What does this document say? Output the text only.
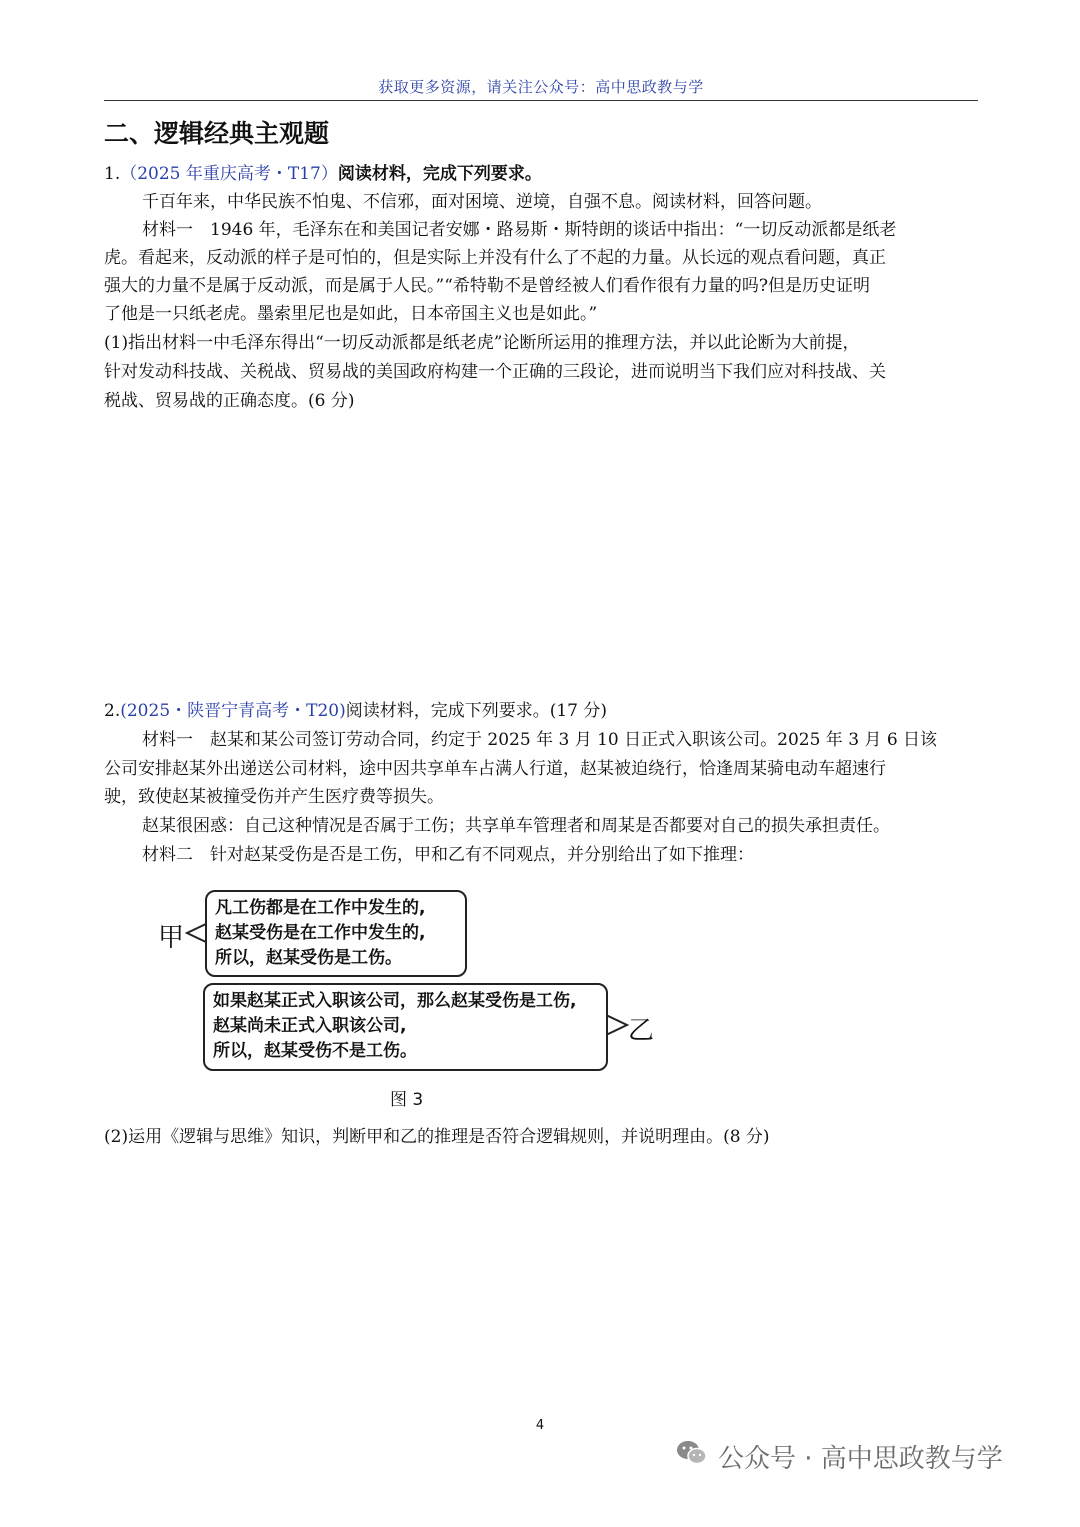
获取更多资源，请关注公众号：高中思政教与学
二、逻辑经典主观题
1.（2025 年重庆高考・T17）阅读材料，完成下列要求。
千百年来，中华民族不怕鬼、不信邪，面对困境、逆境，自强不息。阅读材料，回答问题。
材料一　1946 年，毛泽东在和美国记者安娜・路易斯・斯特朗的谈话中指出：“一切反动派都是纸老
虎。看起来，反动派的样子是可怕的，但是实际上并没有什么了不起的力量。从长远的观点看问题，真正
强大的力量不是属于反动派，而是属于人民。”“希特勒不是曾经被人们看作很有力量的吗?但是历史证明
了他是一只纸老虎。墨索里尼也是如此，日本帝国主义也是如此。”
(1)指出材料一中毛泽东得出“一切反动派都是纸老虎”论断所运用的推理方法，并以此论断为大前提，
针对发动科技战、关税战、贸易战的美国政府构建一个正确的三段论，进而说明当下我们应对科技战、关
税战、贸易战的正确态度。(6 分)
2.(2025・陕晋宁青高考・T20)阅读材料，完成下列要求。(17 分)
材料一　赵某和某公司签订劳动合同，约定于 2025 年 3 月 10 日正式入职该公司。2025 年 3 月 6 日该
公司安排赵某外出递送公司材料，途中因共享单车占满人行道，赵某被迫绕行，恰逢周某骑电动车超速行
驶，致使赵某被撞受伤并产生医疗费等损失。
赵某很困惑：自己这种情况是否属于工伤；共享单车管理者和周某是否都要对自己的损失承担责任。
材料二　针对赵某受伤是否是工伤，甲和乙有不同观点，并分别给出了如下推理：
甲
凡工伤都是在工作中发生的,
赵某受伤是在工作中发生的,
所以，赵某受伤是工伤。
如果赵某正式入职该公司，那么赵某受伤是工伤,
赵某尚未正式入职该公司,
所以，赵某受伤不是工伤。
乙
图 3
(2)运用《逻辑与思维》知识，判断甲和乙的推理是否符合逻辑规则，并说明理由。(8 分)
4
公众号 · 高中思政教与学
